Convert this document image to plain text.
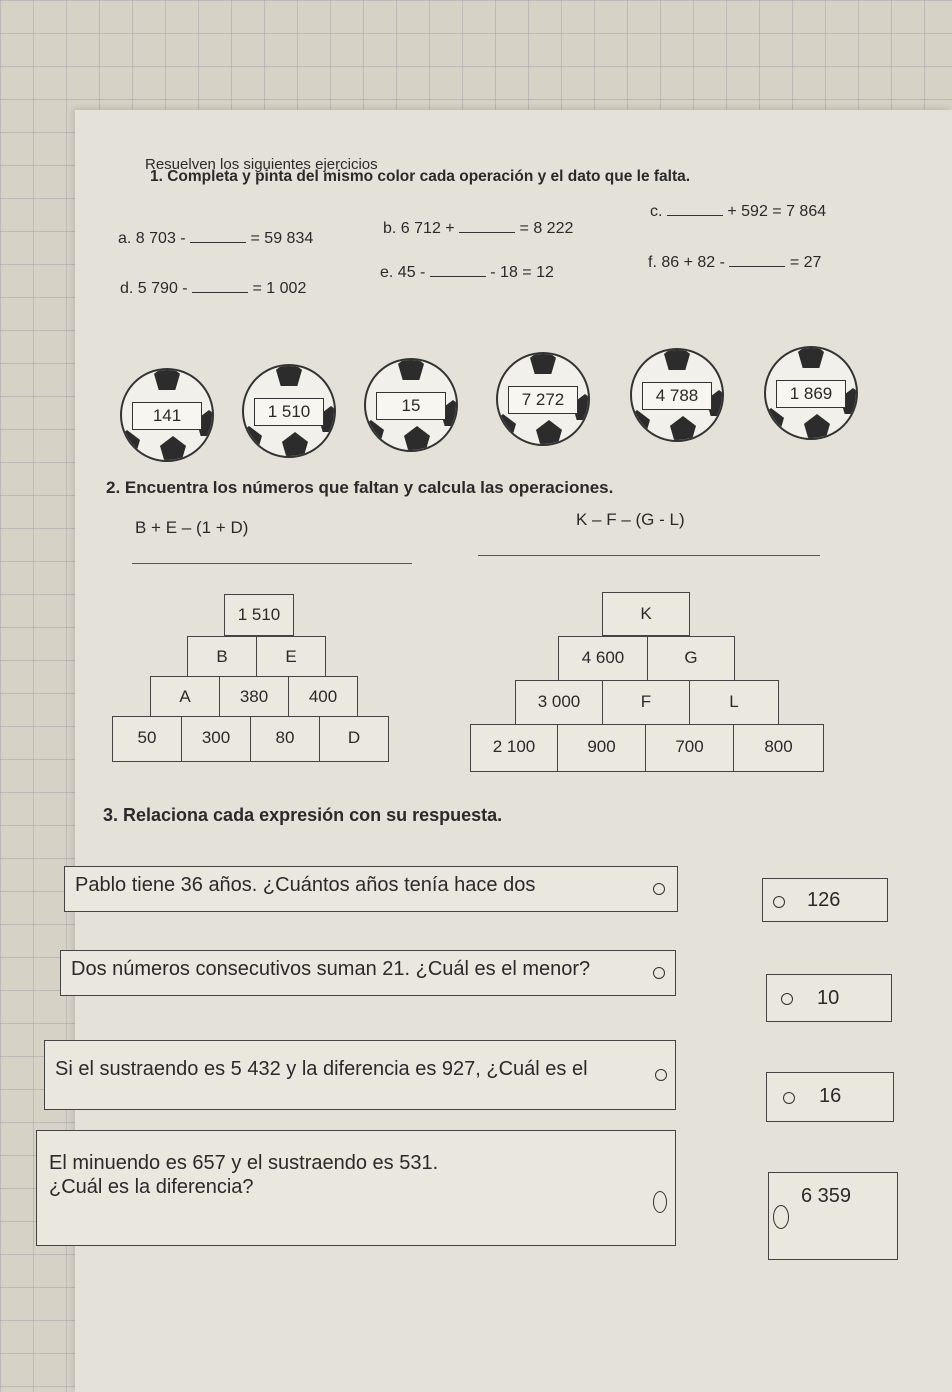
Resuelven los siguientes ejercicios
1. Completa y pinta del mismo color cada operación y el dato que le falta.
a. 8 703 -	= 59 834
b. 6 712 +	= 8 222
c.	+ 592 = 7 864
d. 5 790 -	= 1 002
e. 45 -	- 18 = 12
f. 86 + 82 -	= 27
141	1 510	15	7 272	4 788	1 869
2. Encuentra los números que faltan y calcula las operaciones.
B + E – (1 + D)	K – F – (G - L)
1 510
B	E
A	380	400
50	300	80	D
K
4 600	G
3 000	F	L
2 100	900	700	800
3. Relaciona cada expresión con su respuesta.
Pablo tiene 36 años. ¿Cuántos años tenía hace dos
126
Dos números consecutivos suman 21. ¿Cuál es el menor?
10
Si el sustraendo es 5 432 y la diferencia es 927, ¿Cuál es el
16
El minuendo es 657 y el sustraendo es 531. ¿Cuál es la diferencia?	6 359
